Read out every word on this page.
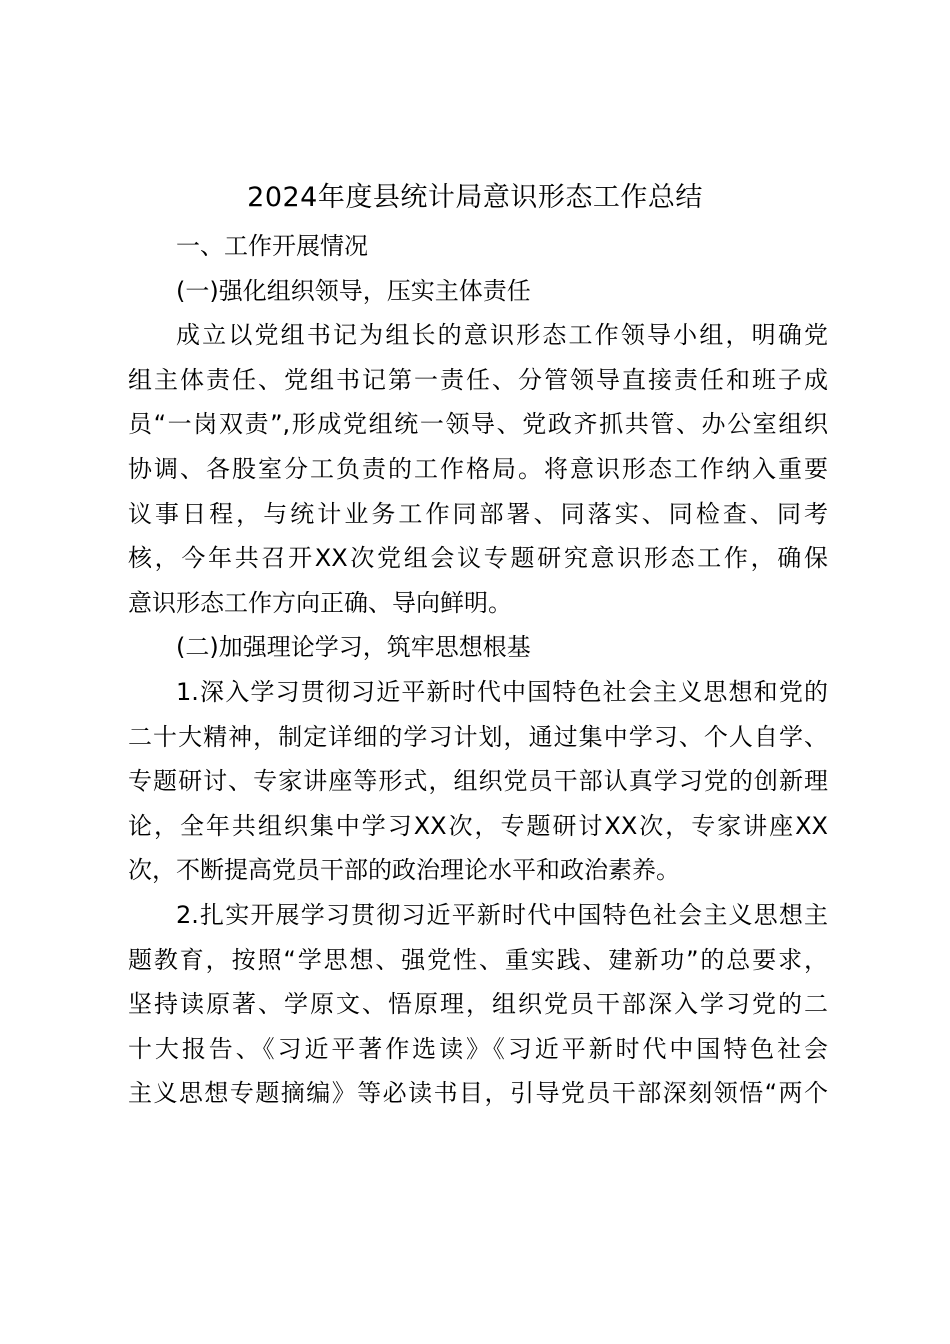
2024年度县统计局意识形态工作总结
一、工作开展情况
(一)强化组织领导，压实主体责任
成立以党组书记为组长的意识形态工作领导小组，明确党
组主体责任、党组书记第一责任、分管领导直接责任和班子成
员“一岗双责”,形成党组统一领导、党政齐抓共管、办公室组织
协调、各股室分工负责的工作格局。将意识形态工作纳入重要
议事日程，与统计业务工作同部署、同落实、同检查、同考
核，今年共召开XX次党组会议专题研究意识形态工作，确保
意识形态工作方向正确、导向鲜明。
(二)加强理论学习，筑牢思想根基
1.深入学习贯彻习近平新时代中国特色社会主义思想和党的
二十大精神，制定详细的学习计划，通过集中学习、个人自学、
专题研讨、专家讲座等形式，组织党员干部认真学习党的创新理
论，全年共组织集中学习XX次，专题研讨XX次，专家讲座XX
次，不断提高党员干部的政治理论水平和政治素养。
2.扎实开展学习贯彻习近平新时代中国特色社会主义思想主
题教育，按照“学思想、强党性、重实践、建新功”的总要求，
坚持读原著、学原文、悟原理，组织党员干部深入学习党的二
十大报告、《习近平著作选读》《习近平新时代中国特色社会
主义思想专题摘编》等必读书目，引导党员干部深刻领悟“两个
